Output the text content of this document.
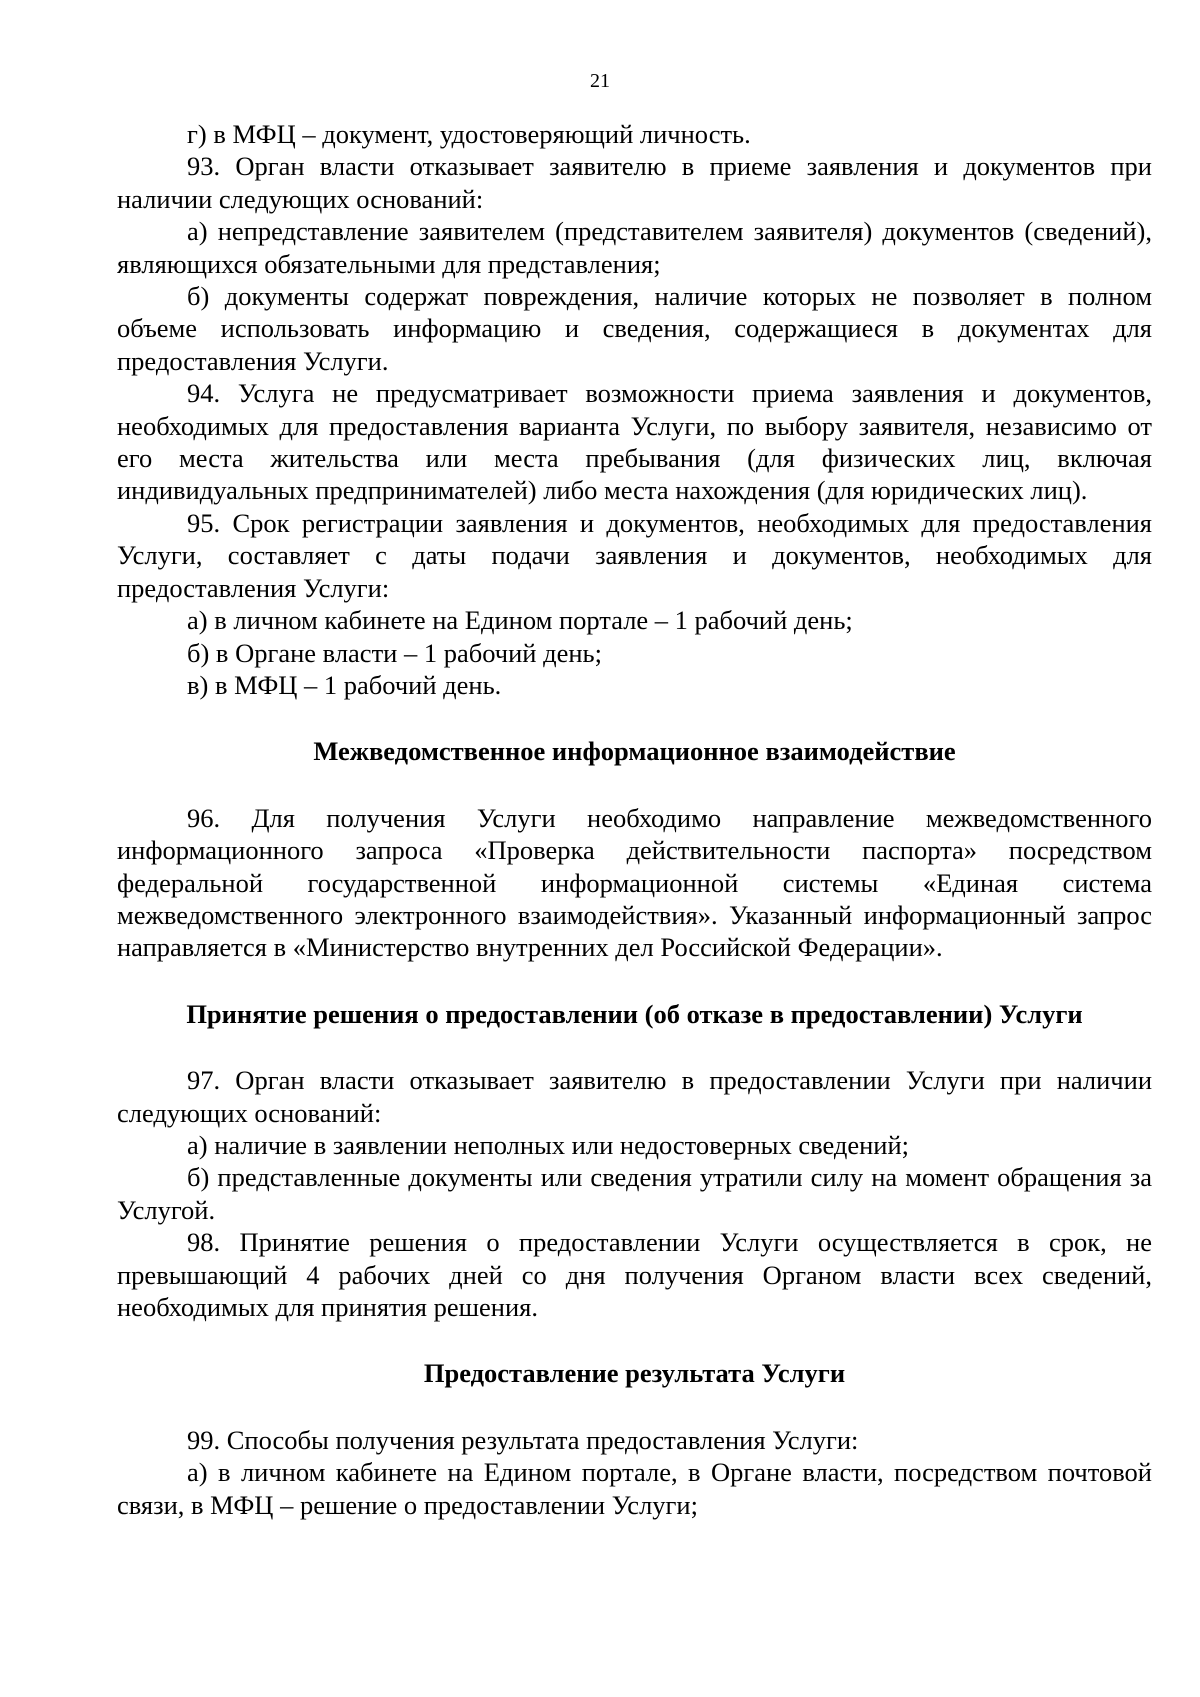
21

г) в МФЦ – документ, удостоверяющий личность.

93. Орган власти отказывает заявителю в приеме заявления и документов при наличии следующих оснований:

а) непредставление заявителем (представителем заявителя) документов (сведений), являющихся обязательными для представления;

б) документы содержат повреждения, наличие которых не позволяет в полном объеме использовать информацию и сведения, содержащиеся в документах для предоставления Услуги.

94. Услуга не предусматривает возможности приема заявления и документов, необходимых для предоставления варианта Услуги, по выбору заявителя, независимо от его места жительства или места пребывания (для физических лиц, включая индивидуальных предпринимателей) либо места нахождения (для юридических лиц).

95. Срок регистрации заявления и документов, необходимых для предоставления Услуги, составляет с даты подачи заявления и документов, необходимых для предоставления Услуги:

а) в личном кабинете на Едином портале – 1 рабочий день;

б) в Органе власти – 1 рабочий день;

в) в МФЦ – 1 рабочий день.

Межведомственное информационное взаимодействие

96. Для получения Услуги необходимо направление межведомственного информационного запроса «Проверка действительности паспорта» посредством федеральной государственной информационной системы «Единая система межведомственного электронного взаимодействия». Указанный информационный запрос направляется в «Министерство внутренних дел Российской Федерации».

Принятие решения о предоставлении (об отказе в предоставлении) Услуги

97. Орган власти отказывает заявителю в предоставлении Услуги при наличии следующих оснований:

а) наличие в заявлении неполных или недостоверных сведений;

б) представленные документы или сведения утратили силу на момент обращения за Услугой.

98. Принятие решения о предоставлении Услуги осуществляется в срок, не превышающий 4 рабочих дней со дня получения Органом власти всех сведений, необходимых для принятия решения.

Предоставление результата Услуги

99. Способы получения результата предоставления Услуги:

а) в личном кабинете на Едином портале, в Органе власти, посредством почтовой связи, в МФЦ – решение о предоставлении Услуги;
